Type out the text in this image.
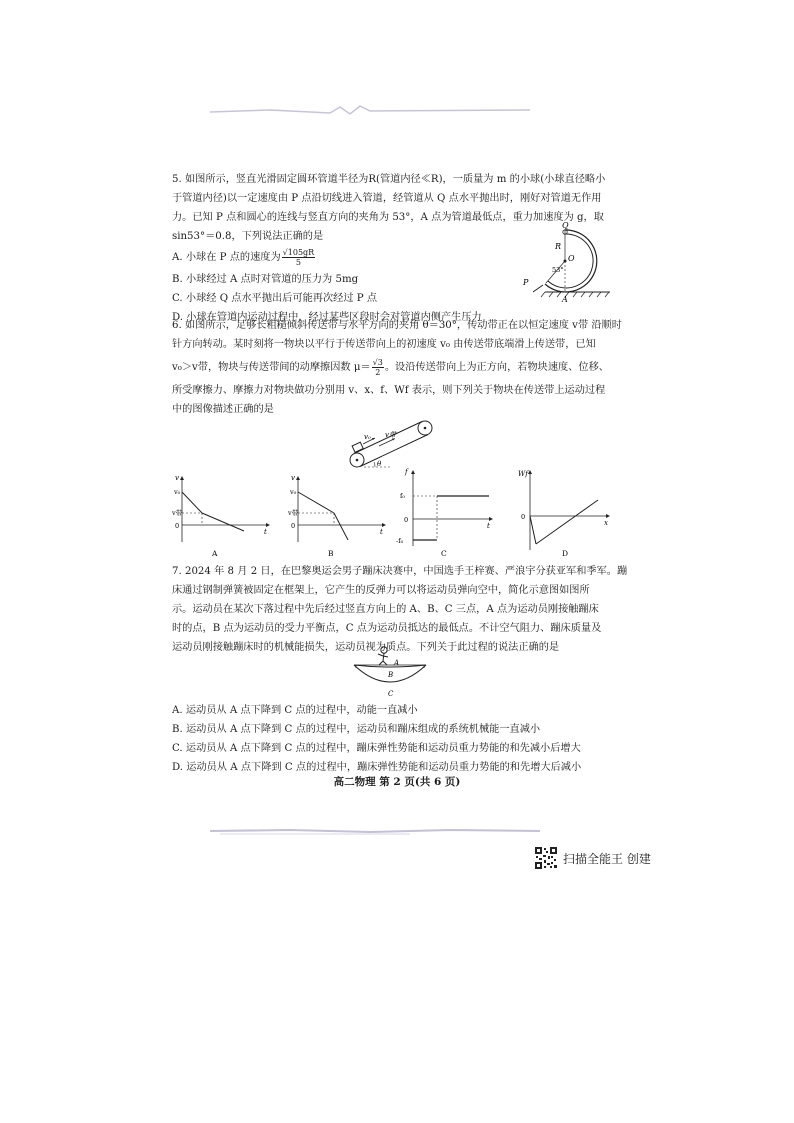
5. 如图所示，竖直光滑固定圆环管道半径为R(管道内径≪R)，一质量为 m 的小球(小球直径略小

于管道内径)以一定速度由 P 点沿切线进入管道，经管道从 Q 点水平抛出时，刚好对管道无作用

力。已知 P 点和圆心的连线与竖直方向的夹角为 53°，A 点为管道最低点，重力加速度为 g，取

sin53°＝0.8，下列说法正确的是

A. 小球在 P 点的速度为 $\frac{√105gR}{5}$

B. 小球经过 A 点时对管道的压力为 5mg

C. 小球经 Q 点水平抛出后可能再次经过 P 点

D. 小球在管道内运动过程中，经过某些区段时会对管道内侧产生压力

Q
R
O
53°
P
A

6. 如图所示，足够长粗糙倾斜传送带与水平方向的夹角 θ＝30°，传动带正在以恒定速度 v带 沿顺时

针方向转动。某时刻将一物块以平行于传送带向上的初速度 v₀ 由传送带底端滑上传送带，已知

v₀＞v带，物块与传送带间的动摩擦因数 $\mu= \frac{√3}{2}$。设沿传送带向上为正方向，若物块速度、位移、

所受摩擦力、摩擦力对物块做功分别用 v、x、f、Wf 表示，则下列关于物块在传送带上运动过程

中的图像描述正确的是

v₀ v带
θ
v
t
v₀
v带
0
A
v
t
v₀
v带
0
B
f
t
f₀
0
-f₀
C
Wf
x
0
D

7. 2024 年 8 月 2 日，在巴黎奥运会男子蹦床决赛中，中国选手王梓赛、严浪宇分获亚军和季军。蹦

床通过钢制弹簧被固定在框架上，它产生的反弹力可以将运动员弹向空中，简化示意图如图所

示。运动员在某次下落过程中先后经过竖直方向上的 A、B、C 三点，A 点为运动员刚接触蹦床

时的点，B 点为运动员的受力平衡点，C 点为运动员抵达的最低点。不计空气阻力、蹦床质量及

运动员刚接触蹦床时的机械能损失，运动员视为质点。下列关于此过程的说法正确的是

A
B
C

A. 运动员从 A 点下降到 C 点的过程中，动能一直减小

B. 运动员从 A 点下降到 C 点的过程中，运动员和蹦床组成的系统机械能一直减小

C. 运动员从 A 点下降到 C 点的过程中，蹦床弹性势能和运动员重力势能的和先减小后增大

D. 运动员从 A 点下降到 C 点的过程中，蹦床弹性势能和运动员重力势能的和先增大后减小

高二物理 第 2 页(共 6 页)
扫描全能王 创建
